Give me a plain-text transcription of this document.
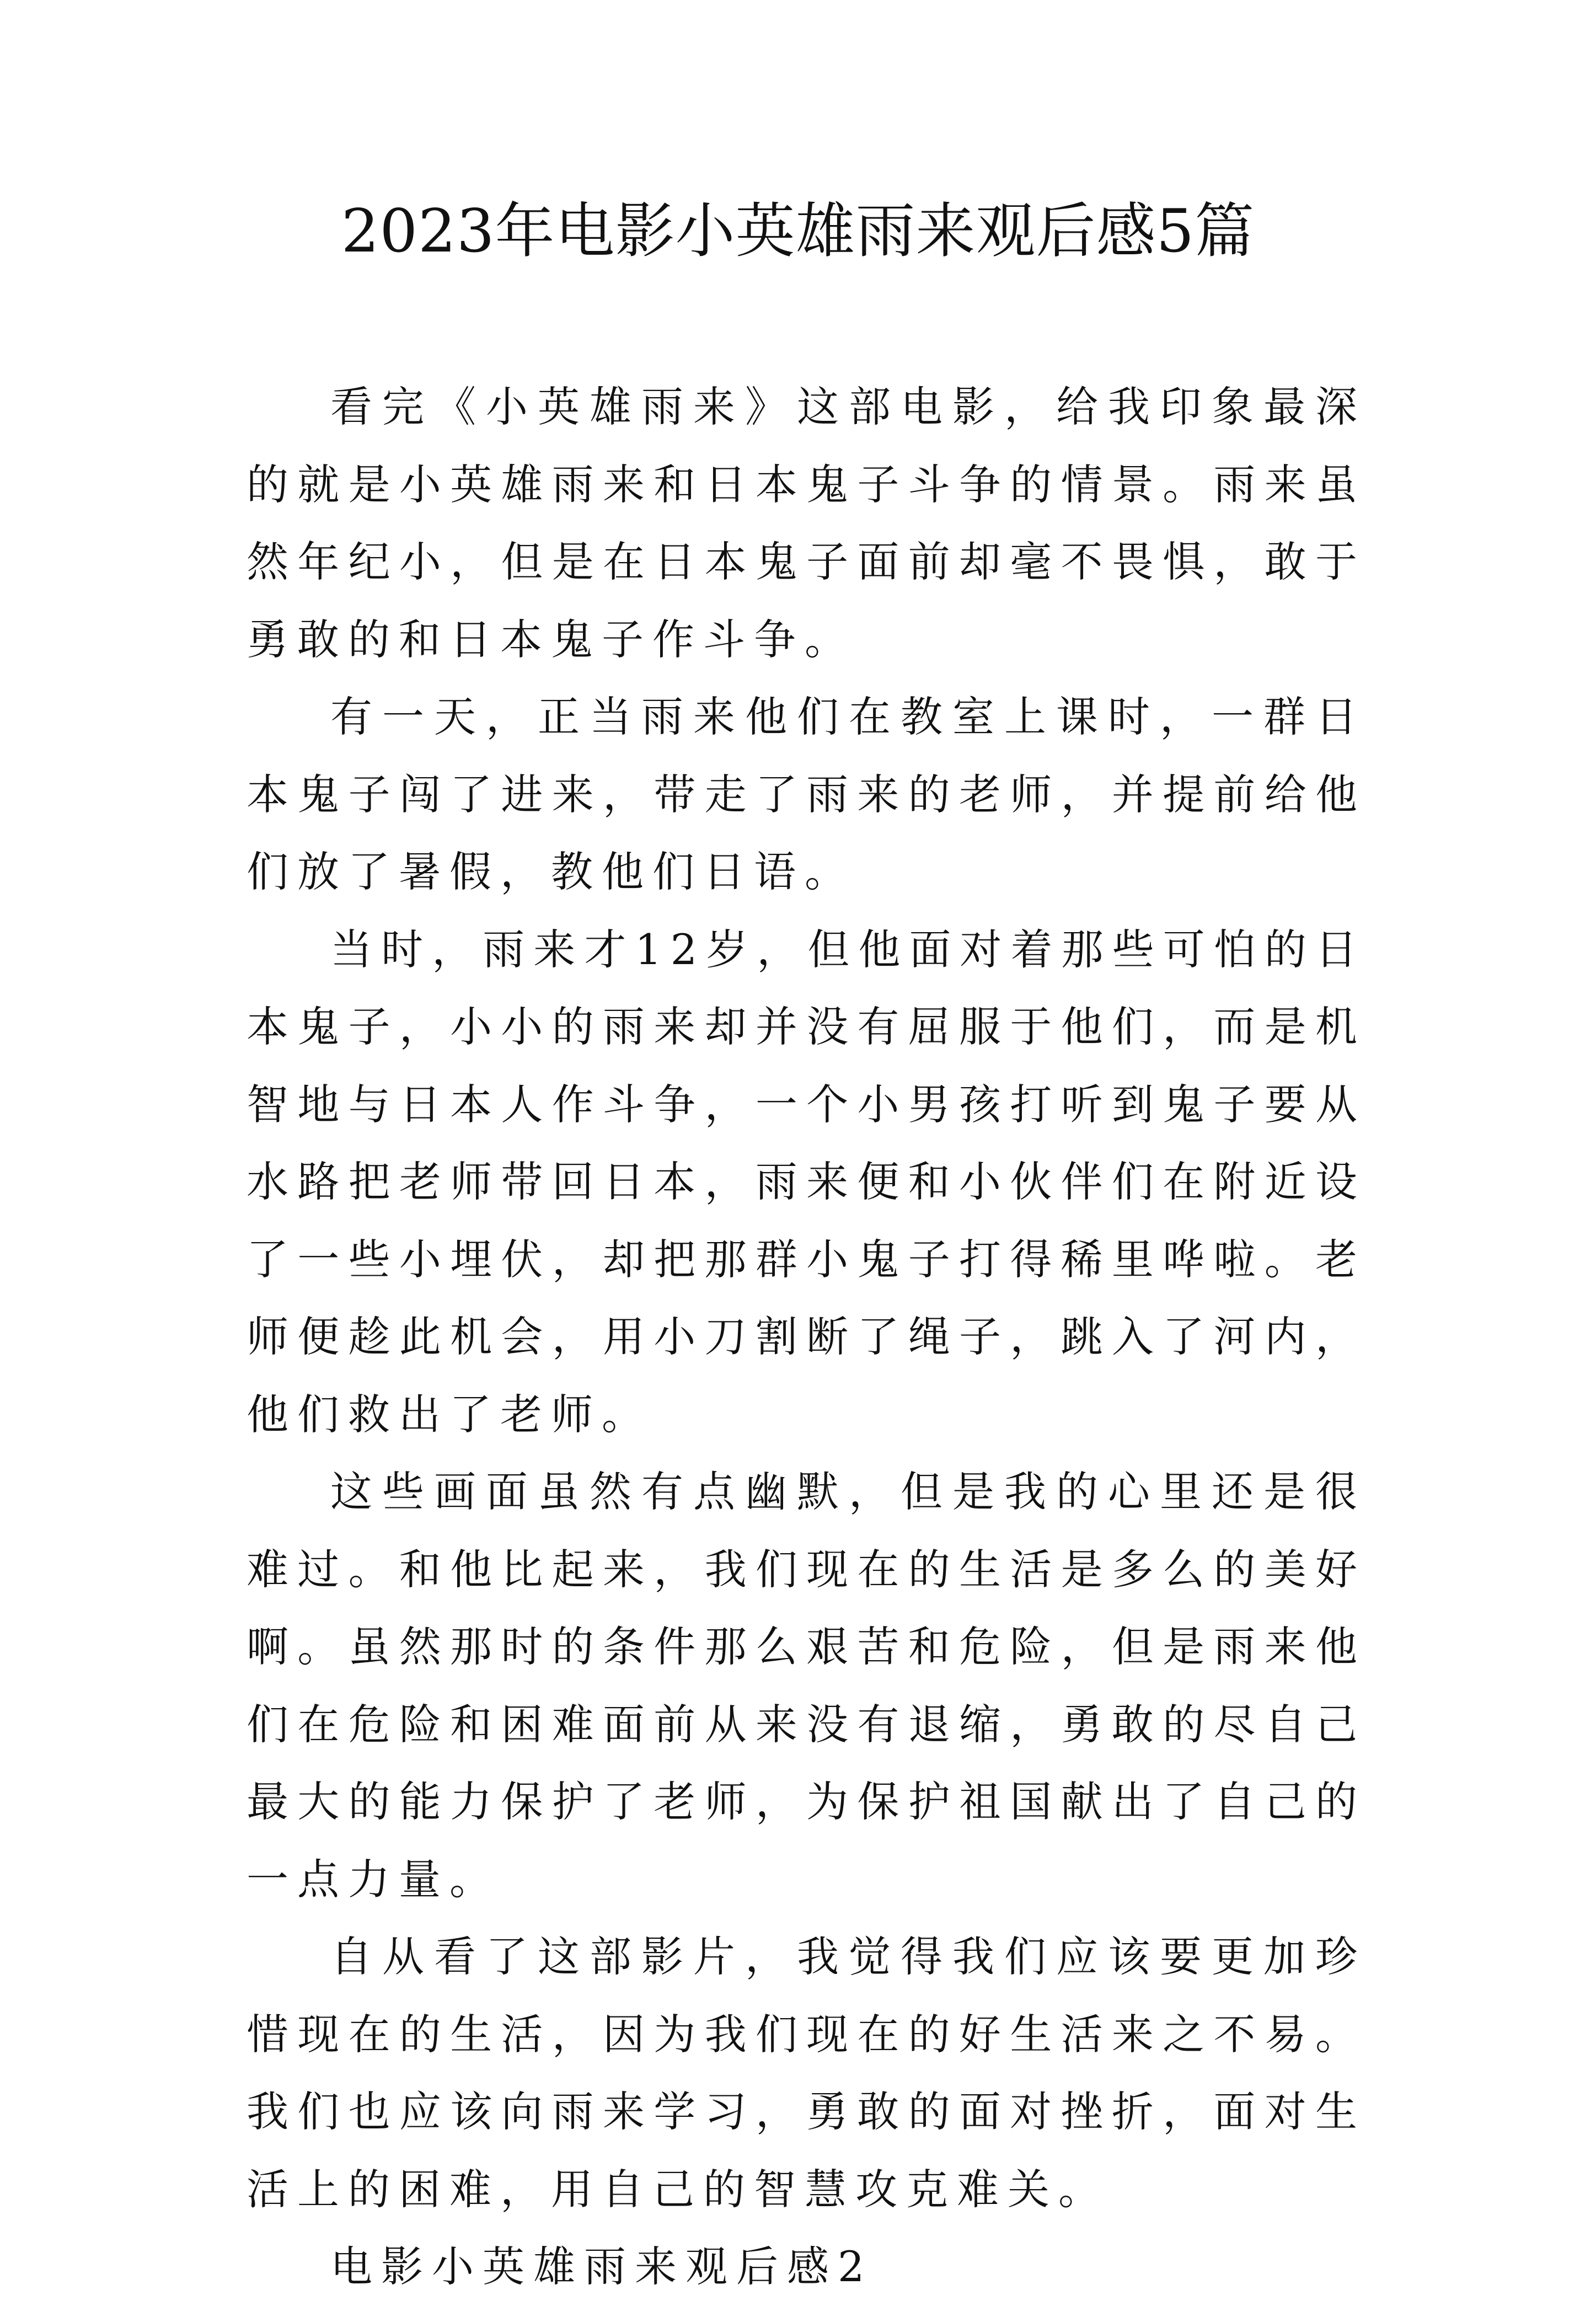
2023年电影小英雄雨来观后感5篇

看完《小英雄雨来》这部电影，给我印象最深的就是小英雄雨来和日本鬼子斗争的情景。雨来虽然年纪小，但是在日本鬼子面前却毫不畏惧，敢于勇敢的和日本鬼子作斗争。

有一天，正当雨来他们在教室上课时，一群日本鬼子闯了进来，带走了雨来的老师，并提前给他们放了暑假，教他们日语。

当时，雨来才12岁，但他面对着那些可怕的日本鬼子，小小的雨来却并没有屈服于他们，而是机智地与日本人作斗争，一个小男孩打听到鬼子要从水路把老师带回日本，雨来便和小伙伴们在附近设了一些小埋伏，却把那群小鬼子打得稀里哗啦。老师便趁此机会，用小刀割断了绳子，跳入了河内，他们救出了老师。

这些画面虽然有点幽默，但是我的心里还是很难过。和他比起来，我们现在的生活是多么的美好啊。虽然那时的条件那么艰苦和危险，但是雨来他们在危险和困难面前从来没有退缩，勇敢的尽自己最大的能力保护了老师，为保护祖国献出了自己的一点力量。

自从看了这部影片，我觉得我们应该要更加珍惜现在的生活，因为我们现在的好生活来之不易。我们也应该向雨来学习，勇敢的面对挫折，面对生活上的困难，用自己的智慧攻克难关。

电影小英雄雨来观后感2
